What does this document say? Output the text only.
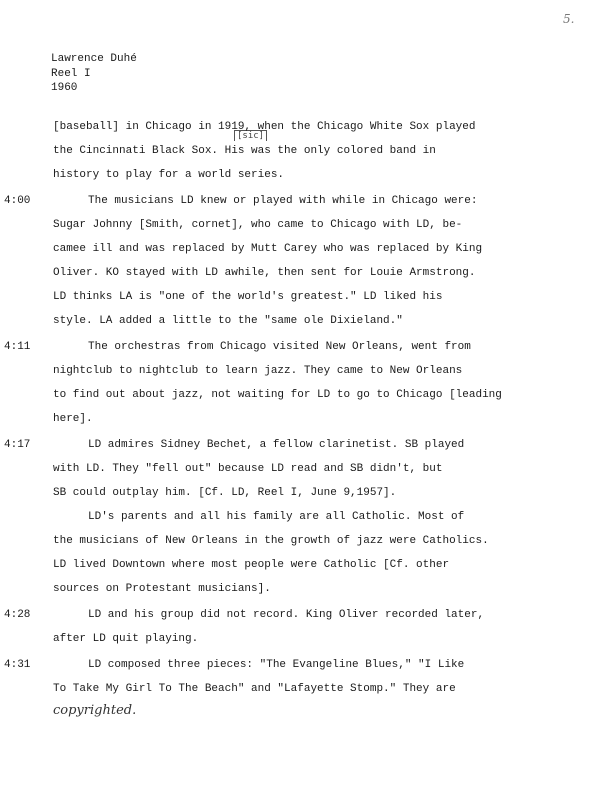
5.
Lawrence Duhé
Reel I
1960
[sic]
[baseball] in Chicago in 1919, when the Chicago White Sox played
the Cincinnati Black Sox. His was the only colored band in
history to play for a world series.
4:00	The musicians LD knew or played with while in Chicago were:
Sugar Johnny [Smith, cornet], who came to Chicago with LD, be-
camee ill and was replaced by Mutt Carey who was replaced by King
Oliver. KO stayed with LD awhile, then sent for Louie Armstrong.
LD thinks LA is "one of the world's greatest." LD liked his
style. LA added a little to the "same ole Dixieland."
4:11	The orchestras from Chicago visited New Orleans, went from
nightclub to nightclub to learn jazz. They came to New Orleans
to find out about jazz, not waiting for LD to go to Chicago [leading
here].
4:17	LD admires Sidney Bechet, a fellow clarinetist. SB played
with LD. They "fell out" because LD read and SB didn't, but
SB could outplay him. [Cf. LD, Reel I, June 9,1957].
LD's parents and all his family are all Catholic. Most of
the musicians of New Orleans in the growth of jazz were Catholics.
LD lived Downtown where most people were Catholic [Cf. other
sources on Protestant musicians].
4:28	LD and his group did not record. King Oliver recorded later,
after LD quit playing.
4:31	LD composed three pieces: "The Evangeline Blues," "I Like
To Take My Girl To The Beach" and "Lafayette Stomp." They are
copyrighted.
